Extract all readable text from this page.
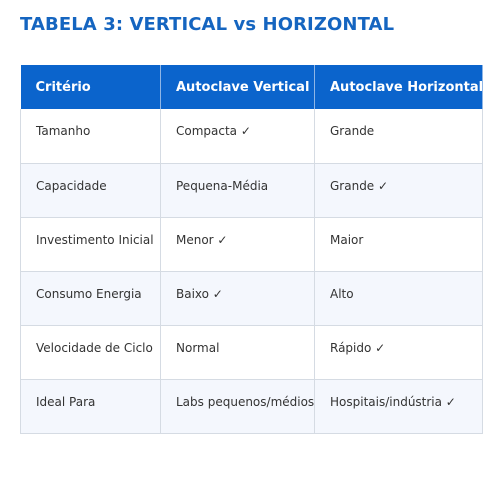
TABELA 3: VERTICAL vs HORIZONTAL
Critério	Autoclave Vertical	Autoclave Horizontal

Tamanho	Compacta ✓	Grande

Capacidade	Pequena-Média	Grande ✓

Investimento Inicial	Menor ✓	Maior

Consumo Energia	Baixo ✓	Alto

Velocidade de Ciclo	Normal	Rápido ✓

Ideal Para	Labs pequenos/médios	Hospitais/indústria ✓
